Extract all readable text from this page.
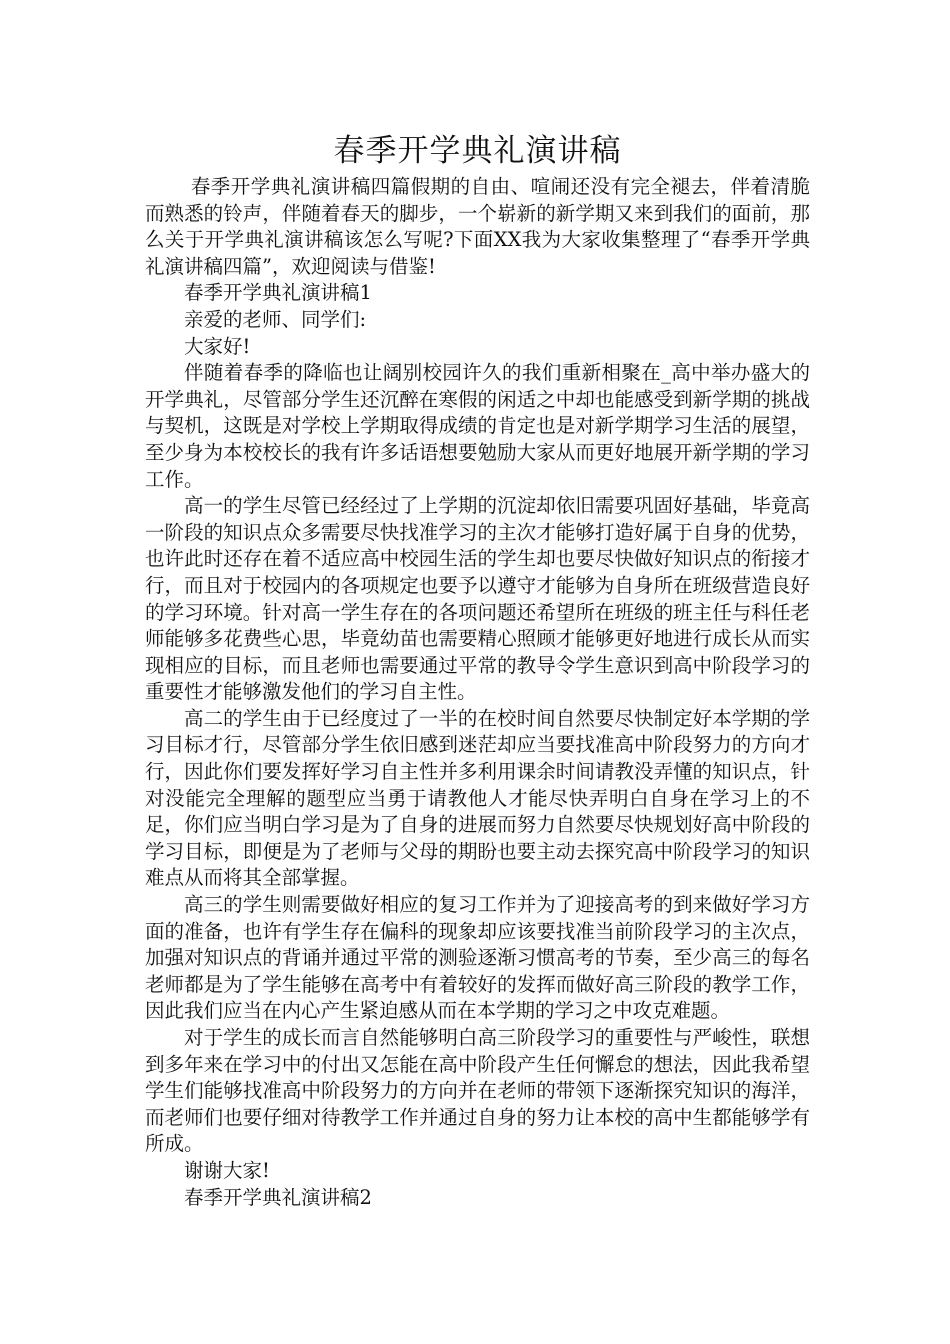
春季开学典礼演讲稿

春季开学典礼演讲稿四篇假期的自由、喧闹还没有完全褪去，伴着清脆而熟悉的铃声，伴随着春天的脚步，一个崭新的新学期又来到我们的面前，那么关于开学典礼演讲稿该怎么写呢?下面XX我为大家收集整理了“春季开学典礼演讲稿四篇”，欢迎阅读与借鉴!

春季开学典礼演讲稿1

亲爱的老师、同学们:

大家好!

伴随着春季的降临也让阔别校园许久的我们重新相聚在_高中举办盛大的开学典礼，尽管部分学生还沉醉在寒假的闲适之中却也能感受到新学期的挑战与契机，这既是对学校上学期取得成绩的肯定也是对新学期学习生活的展望，至少身为本校校长的我有许多话语想要勉励大家从而更好地展开新学期的学习工作。

高一的学生尽管已经经过了上学期的沉淀却依旧需要巩固好基础，毕竟高一阶段的知识点众多需要尽快找准学习的主次才能够打造好属于自身的优势，也许此时还存在着不适应高中校园生活的学生却也要尽快做好知识点的衔接才行，而且对于校园内的各项规定也要予以遵守才能够为自身所在班级营造良好的学习环境。针对高一学生存在的各项问题还希望所在班级的班主任与科任老师能够多花费些心思，毕竟幼苗也需要精心照顾才能够更好地进行成长从而实现相应的目标，而且老师也需要通过平常的教导令学生意识到高中阶段学习的重要性才能够激发他们的学习自主性。

高二的学生由于已经度过了一半的在校时间自然要尽快制定好本学期的学习目标才行，尽管部分学生依旧感到迷茫却应当要找准高中阶段努力的方向才行，因此你们要发挥好学习自主性并多利用课余时间请教没弄懂的知识点，针对没能完全理解的题型应当勇于请教他人才能尽快弄明白自身在学习上的不足，你们应当明白学习是为了自身的进展而努力自然要尽快规划好高中阶段的学习目标，即便是为了老师与父母的期盼也要主动去探究高中阶段学习的知识难点从而将其全部掌握。

高三的学生则需要做好相应的复习工作并为了迎接高考的到来做好学习方面的准备，也许有学生存在偏科的现象却应该要找准当前阶段学习的主次点，加强对知识点的背诵并通过平常的测验逐渐习惯高考的节奏，至少高三的每名老师都是为了学生能够在高考中有着较好的发挥而做好高三阶段的教学工作，因此我们应当在内心产生紧迫感从而在本学期的学习之中攻克难题。

对于学生的成长而言自然能够明白高三阶段学习的重要性与严峻性，联想到多年来在学习中的付出又怎能在高中阶段产生任何懈怠的想法，因此我希望学生们能够找准高中阶段努力的方向并在老师的带领下逐渐探究知识的海洋，而老师们也要仔细对待教学工作并通过自身的努力让本校的高中生都能够学有所成。

谢谢大家!

春季开学典礼演讲稿2
